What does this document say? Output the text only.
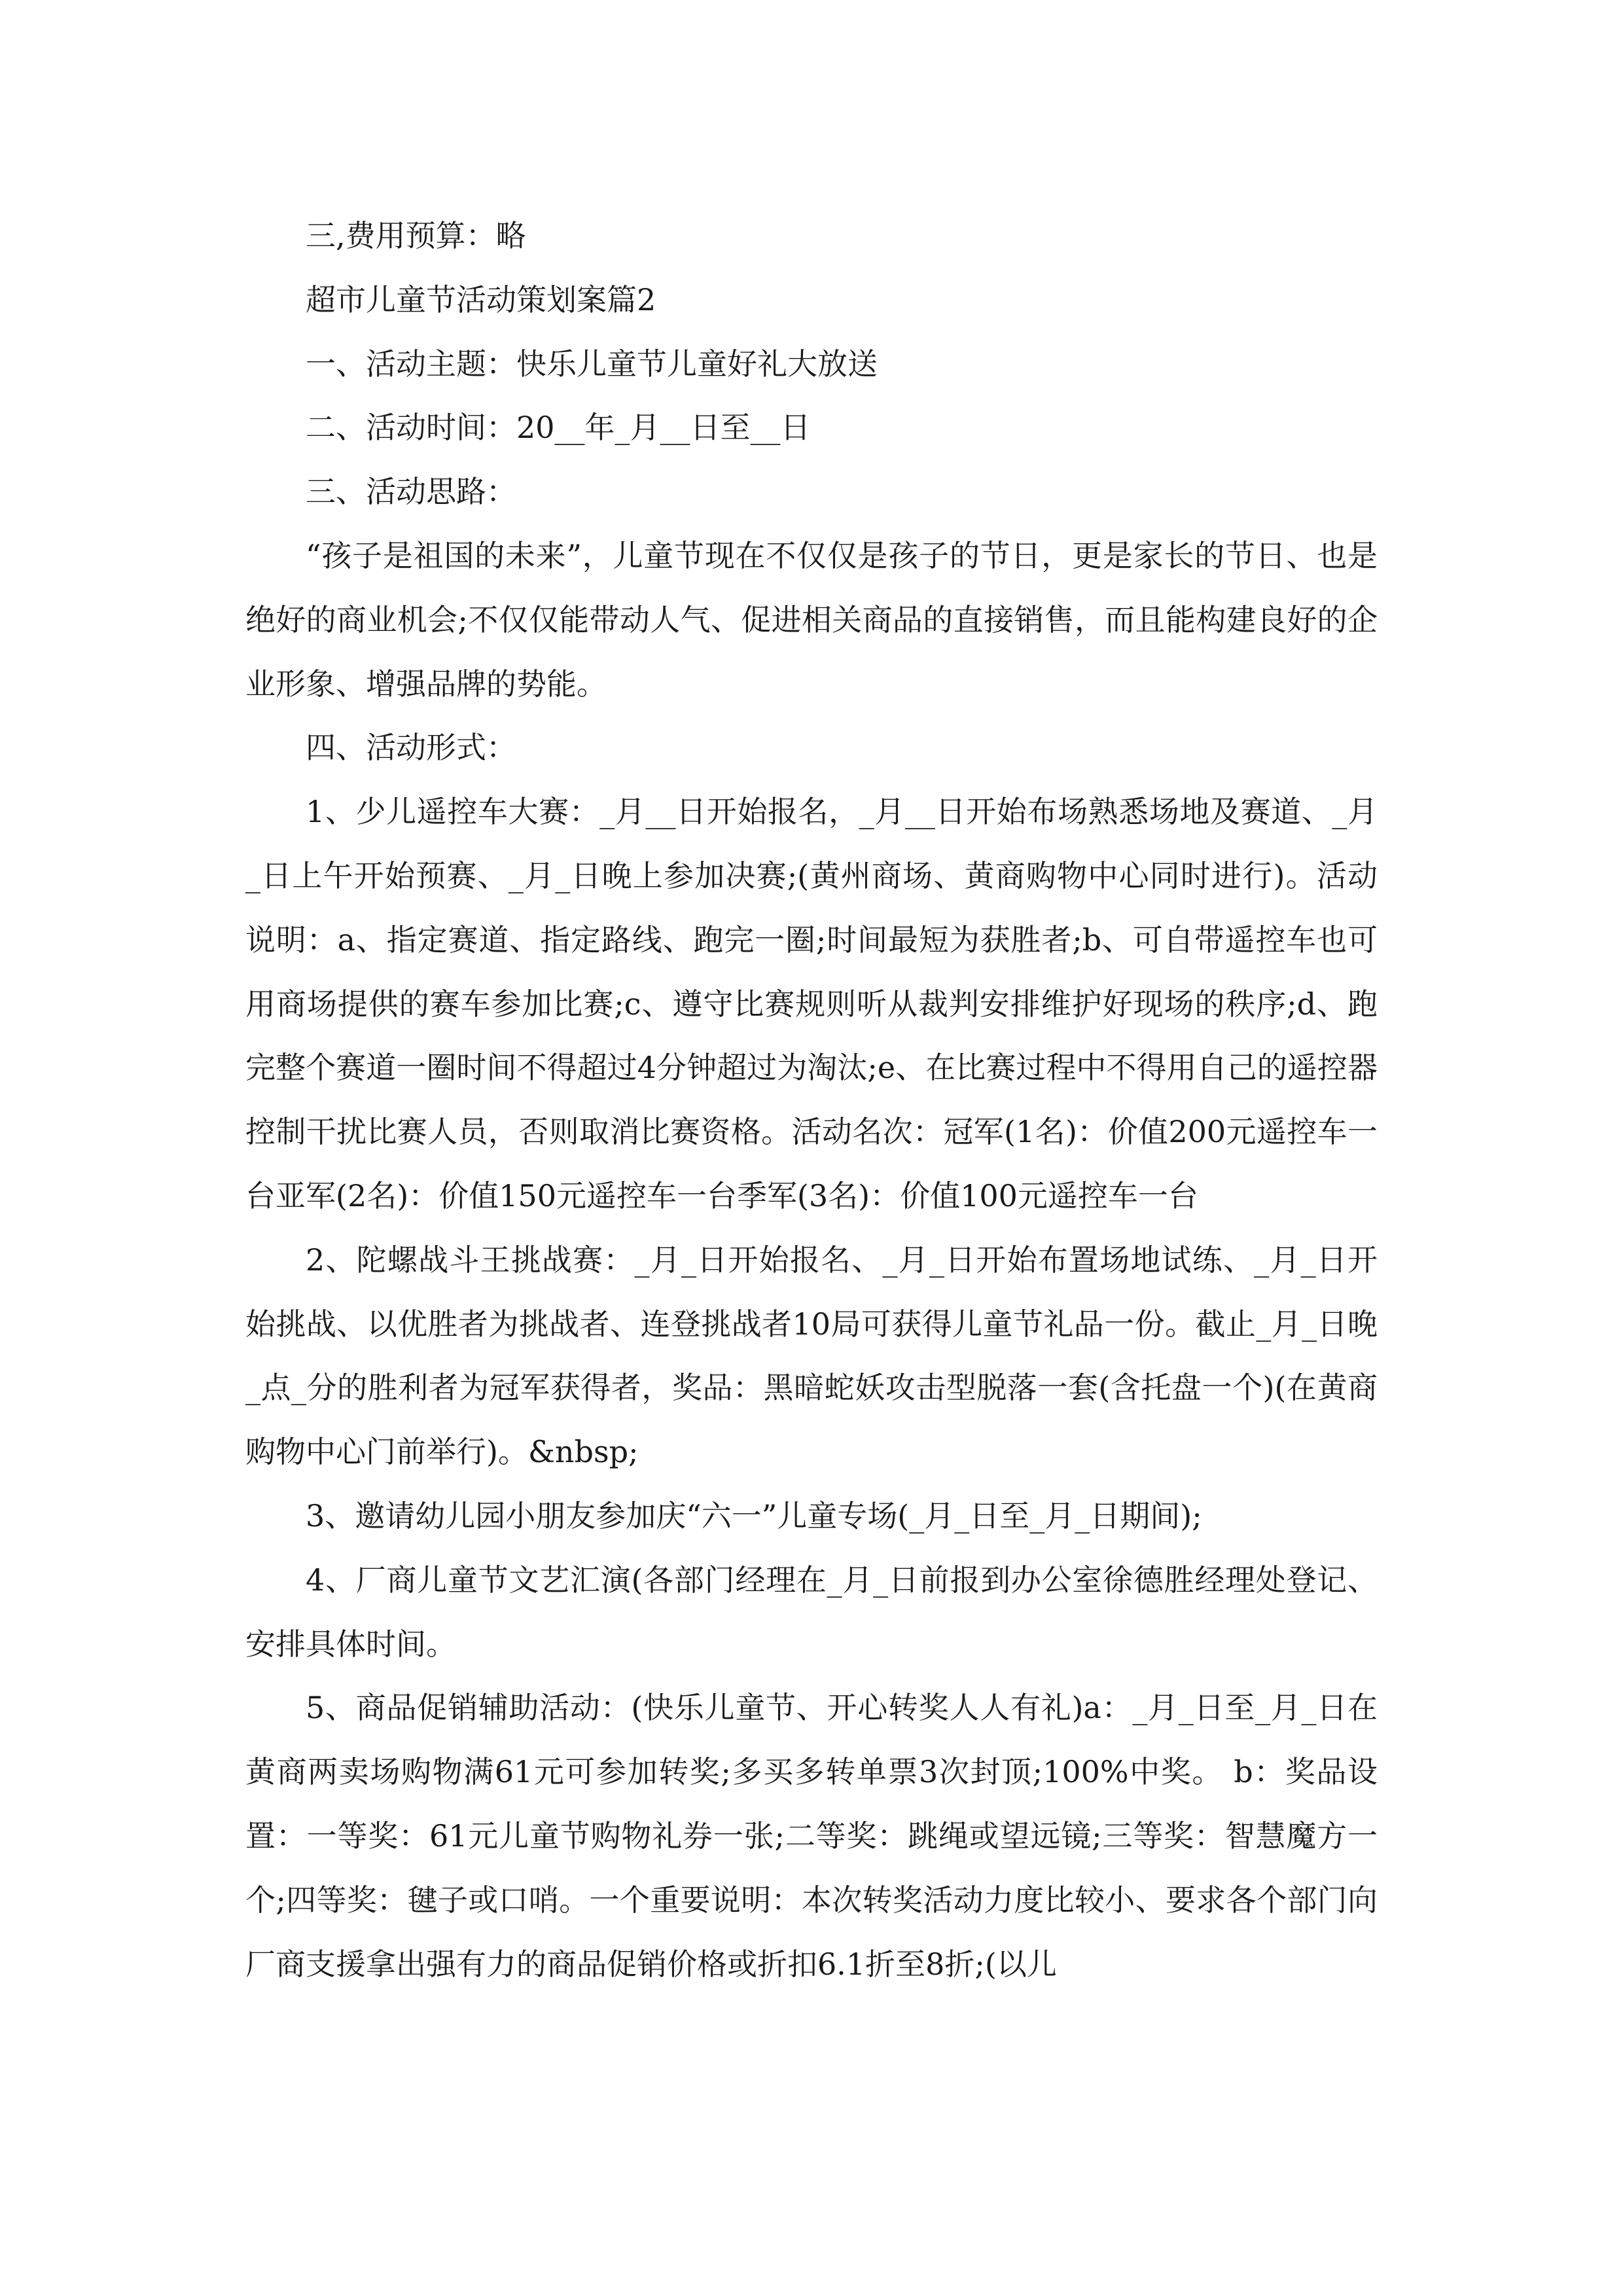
三,费用预算：略

超市儿童节活动策划案篇2

一、活动主题：快乐儿童节儿童好礼大放送

二、活动时间：20__年_月__日至__日

三、活动思路：

“孩子是祖国的未来”，儿童节现在不仅仅是孩子的节日，更是家长的节日、也是绝好的商业机会;不仅仅能带动人气、促进相关商品的直接销售，而且能构建良好的企业形象、增强品牌的势能。

四、活动形式：

1、少儿遥控车大赛：_月__日开始报名，_月__日开始布场熟悉场地及赛道、_月_日上午开始预赛、_月_日晚上参加决赛;(黄州商场、黄商购物中心同时进行)。活动说明：a、指定赛道、指定路线、跑完一圈;时间最短为获胜者;b、可自带遥控车也可用商场提供的赛车参加比赛;c、遵守比赛规则听从裁判安排维护好现场的秩序;d、跑完整个赛道一圈时间不得超过4分钟超过为淘汰;e、在比赛过程中不得用自己的遥控器控制干扰比赛人员，否则取消比赛资格。活动名次：冠军(1名)：价值200元遥控车一台亚军(2名)：价值150元遥控车一台季军(3名)：价值100元遥控车一台

2、陀螺战斗王挑战赛：_月_日开始报名、_月_日开始布置场地试练、_月_日开始挑战、以优胜者为挑战者、连登挑战者10局可获得儿童节礼品一份。截止_月_日晚_点_分的胜利者为冠军获得者，奖品：黑暗蛇妖攻击型脱落一套(含托盘一个)(在黄商购物中心门前举行)。&nbsp;

3、邀请幼儿园小朋友参加庆“六一”儿童专场(_月_日至_月_日期间);

4、厂商儿童节文艺汇演(各部门经理在_月_日前报到办公室徐德胜经理处登记、安排具体时间。

5、商品促销辅助活动：(快乐儿童节、开心转奖人人有礼)a：_月_日至_月_日在黄商两卖场购物满61元可参加转奖;多买多转单票3次封顶;100%中奖。 b：奖品设置：一等奖：61元儿童节购物礼券一张;二等奖：跳绳或望远镜;三等奖：智慧魔方一个;四等奖：毽子或口哨。一个重要说明：本次转奖活动力度比较小、要求各个部门向厂商支援拿出强有力的商品促销价格或折扣6.1折至8折;(以儿
